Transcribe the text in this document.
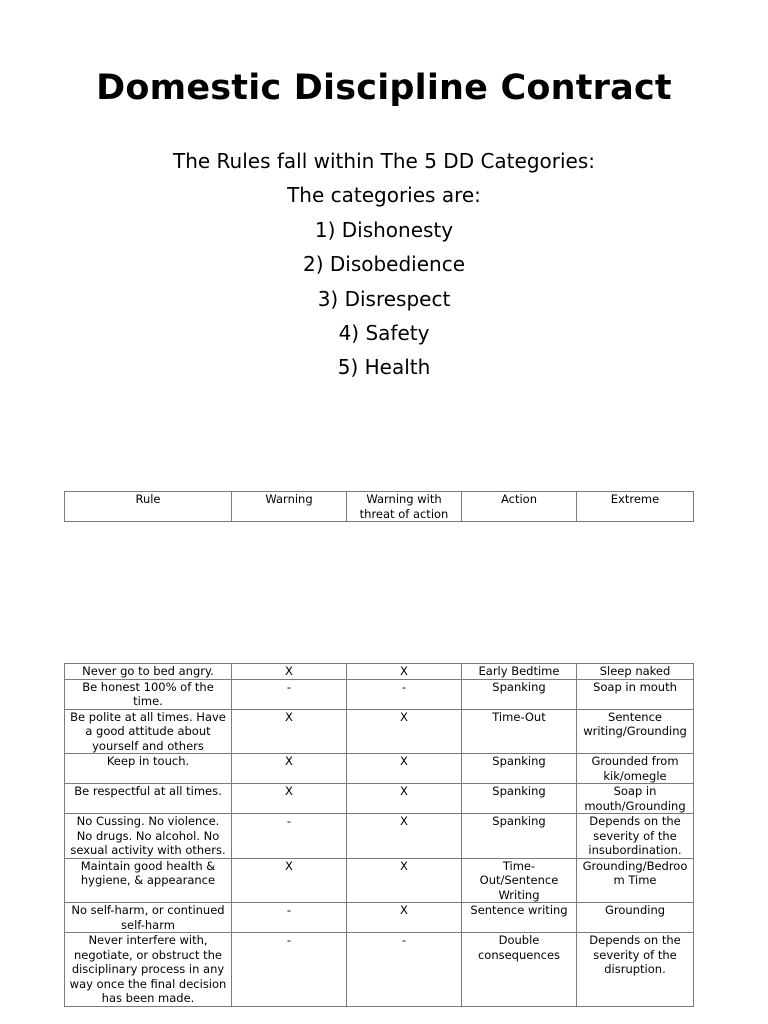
Domestic Discipline Contract
The Rules fall within The 5 DD Categories:
The categories are:
1) Dishonesty
2) Disobedience
3) Disrespect
4) Safety
5) Health
Rule	Warning	Warning with threat of action	Action	Extreme
Never go to bed angry.	X	X	Early Bedtime	Sleep naked
Be honest 100% of the time.	-	-	Spanking	Soap in mouth
Be polite at all times. Have a good attitude about yourself and others	X	X	Time-Out	Sentence writing/Grounding
Keep in touch.	X	X	Spanking	Grounded from kik/omegle
Be respectful at all times.	X	X	Spanking	Soap in mouth/Grounding
No Cussing. No violence. No drugs. No alcohol. No sexual activity with others.	-	X	Spanking	Depends on the severity of the insubordination.
Maintain good health & hygiene, & appearance	X	X	Time-Out/Sentence Writing	Grounding/Bedroom Time
No self-harm, or continued self-harm	-	X	Sentence writing	Grounding
Never interfere with, negotiate, or obstruct the disciplinary process in any way once the final decision has been made.	-	-	Double consequences	Depends on the severity of the disruption.
